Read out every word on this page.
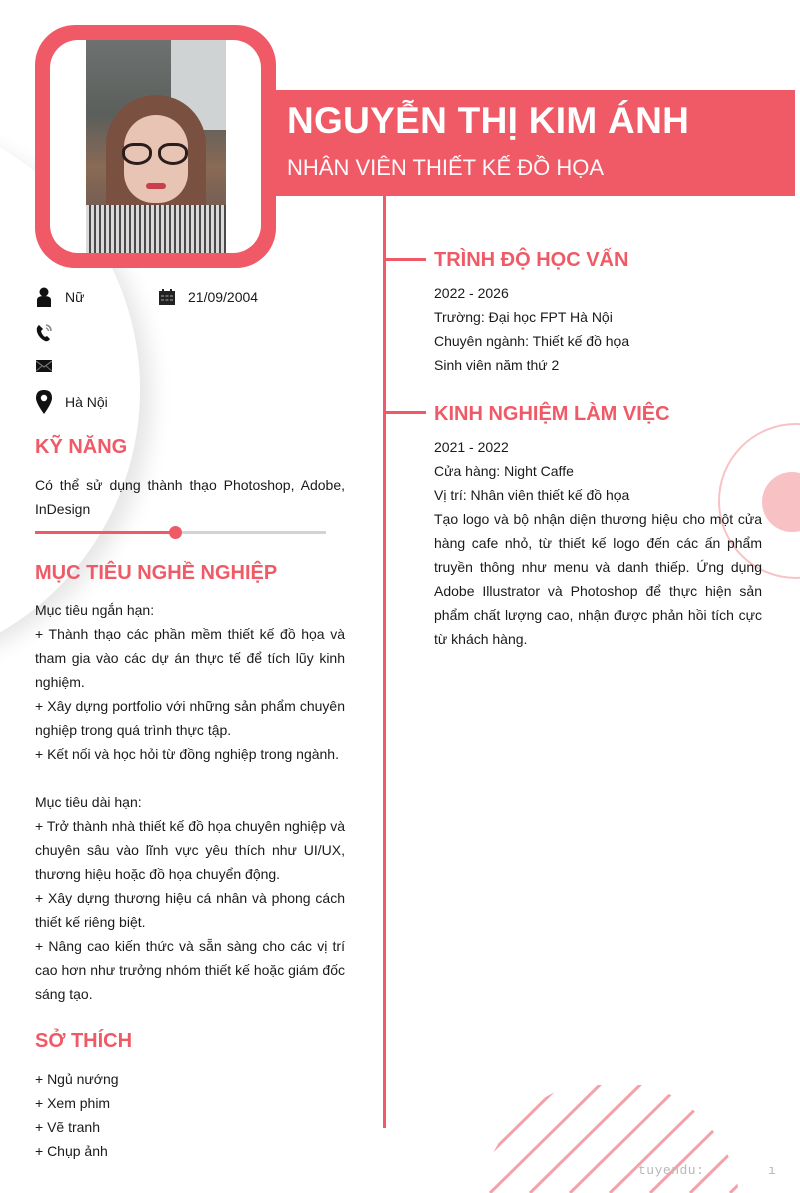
NGUYỄN THỊ KIM ÁNH
NHÂN VIÊN THIẾT KẾ ĐỒ HỌA
Nữ	21/09/2004
Hà Nội
KỸ NĂNG
Có thể sử dụng thành thạo Photoshop, Adobe, InDesign
MỤC TIÊU NGHỀ NGHIỆP
Mục tiêu ngắn hạn:
+ Thành thạo các phần mềm thiết kế đồ họa và tham gia vào các dự án thực tế để tích lũy kinh nghiệm.
+ Xây dựng portfolio với những sản phẩm chuyên nghiệp trong quá trình thực tập.
+ Kết nối và học hỏi từ đồng nghiệp trong ngành.
Mục tiêu dài hạn:
+ Trở thành nhà thiết kế đồ họa chuyên nghiệp và chuyên sâu vào lĩnh vực yêu thích như UI/UX, thương hiệu hoặc đồ họa chuyển động.
+ Xây dựng thương hiệu cá nhân và phong cách thiết kế riêng biệt.
+ Nâng cao kiến thức và sẵn sàng cho các vị trí cao hơn như trưởng nhóm thiết kế hoặc giám đốc sáng tạo.
SỞ THÍCH
+ Ngủ nướng
+ Xem phim
+ Vẽ tranh
+ Chụp ảnh
TRÌNH ĐỘ HỌC VẤN
2022 - 2026
Trường: Đại học FPT Hà Nội
Chuyên ngành: Thiết kế đồ họa
Sinh viên năm thứ 2
KINH NGHIỆM LÀM VIỆC
2021 - 2022
Cửa hàng: Night Caffe
Vị trí: Nhân viên thiết kế đồ họa
Tạo logo và bộ nhận diện thương hiệu cho một cửa hàng cafe nhỏ, từ thiết kế logo đến các ấn phẩm truyền thông như menu và danh thiếp. Ứng dụng Adobe Illustrator và Photoshop để thực hiện sản phẩm chất lượng cao, nhận được phản hồi tích cực từ khách hàng.
tuyendu:	ı
